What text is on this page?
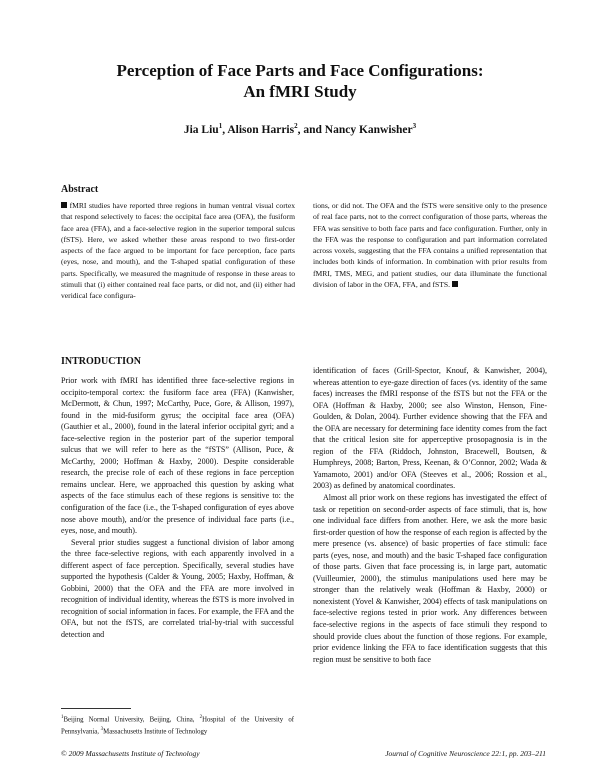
Perception of Face Parts and Face Configurations:
An fMRI Study
Jia Liu$^1$, Alison Harris$^2$, and Nancy Kanwisher$^3$
Abstract

fMRI studies have reported three regions in human ventral visual cortex that respond selectively to faces: the occipital face area (OFA), the fusiform face area (FFA), and a face-selective region in the superior temporal sulcus (fSTS). Here, we asked whether these areas respond to two first-order aspects of the face argued to be important for face perception, face parts (eyes, nose, and mouth), and the T-shaped spatial configuration of these parts. Specifically, we measured the magnitude of response in these areas to stimuli that (i) either contained real face parts, or did not, and (ii) either had veridical face configura-

tions, or did not. The OFA and the fSTS were sensitive only to the presence of real face parts, not to the correct configuration of those parts, whereas the FFA was sensitive to both face parts and face configuration. Further, only in the FFA was the response to configuration and part information correlated across voxels, suggesting that the FFA contains a unified representation that includes both kinds of information. In combination with prior results from fMRI, TMS, MEG, and patient studies, our data illuminate the functional division of labor in the OFA, FFA, and fSTS.

INTRODUCTION

Prior work with fMRI has identified three face-selective regions in occipito-temporal cortex: the fusiform face area (FFA) (Kanwisher, McDermott, & Chun, 1997; McCarthy, Puce, Gore, & Allison, 1997), found in the mid-fusiform gyrus; the occipital face area (OFA) (Gauthier et al., 2000), found in the lateral inferior occipital gyri; and a face-selective region in the posterior part of the superior temporal sulcus that we will refer to here as the “fSTS” (Allison, Puce, & McCarthy, 2000; Hoffman & Haxby, 2000). Despite considerable research, the precise role of each of these regions in face perception remains unclear. Here, we approached this question by asking what aspects of the face stimulus each of these regions is sensitive to: the configuration of the face (i.e., the T-shaped configuration of eyes above nose above mouth), and/or the presence of individual face parts (i.e., eyes, nose, and mouth).

Several prior studies suggest a functional division of labor among the three face-selective regions, with each apparently involved in a different aspect of face perception. Specifically, several studies have supported the hypothesis (Calder & Young, 2005; Haxby, Hoffman, & Gobbini, 2000) that the OFA and the FFA are more involved in recognition of individual identity, whereas the fSTS is more involved in recognition of social information in faces. For example, the FFA and the OFA, but not the fSTS, are correlated trial-by-trial with successful detection and

identification of faces (Grill-Spector, Knouf, & Kanwisher, 2004), whereas attention to eye-gaze direction of faces (vs. identity of the same faces) increases the fMRI response of the fSTS but not the FFA or the OFA (Hoffman & Haxby, 2000; see also Winston, Henson, Fine-Goulden, & Dolan, 2004). Further evidence showing that the FFA and the OFA are necessary for determining face identity comes from the fact that the critical lesion site for apperceptive prosopagnosia is in the region of the FFA (Riddoch, Johnston, Bracewell, Boutsen, & Humphreys, 2008; Barton, Press, Keenan, & O’Connor, 2002; Wada & Yamamoto, 2001) and/or OFA (Steeves et al., 2006; Rossion et al., 2003) as defined by anatomical coordinates.

Almost all prior work on these regions has investigated the effect of task or repetition on second-order aspects of face stimuli, that is, how one individual face differs from another. Here, we ask the more basic first-order question of how the response of each region is affected by the mere presence (vs. absence) of basic properties of face stimuli: face parts (eyes, nose, and mouth) and the basic T-shaped face configuration of those parts. Given that face processing is, in large part, automatic (Vuilleumier, 2000), the stimulus manipulations used here may be stronger than the relatively weak (Hoffman & Haxby, 2000) or nonexistent (Yovel & Kanwisher, 2004) effects of task manipulations on face-selective regions tested in prior work. Any differences between face-selective regions in the aspects of face stimuli they respond to should provide clues about the function of those regions. For example, prior evidence linking the FFA to face identification suggests that this region must be sensitive to both face

$^1$Beijing Normal University, Beijing, China, $^2$Hospital of the University of Pennsylvania, $^3$Massachusetts Institute of Technology
© 2009 Massachusetts Institute of Technology	Journal of Cognitive Neuroscience 22:1, pp. 203–211
